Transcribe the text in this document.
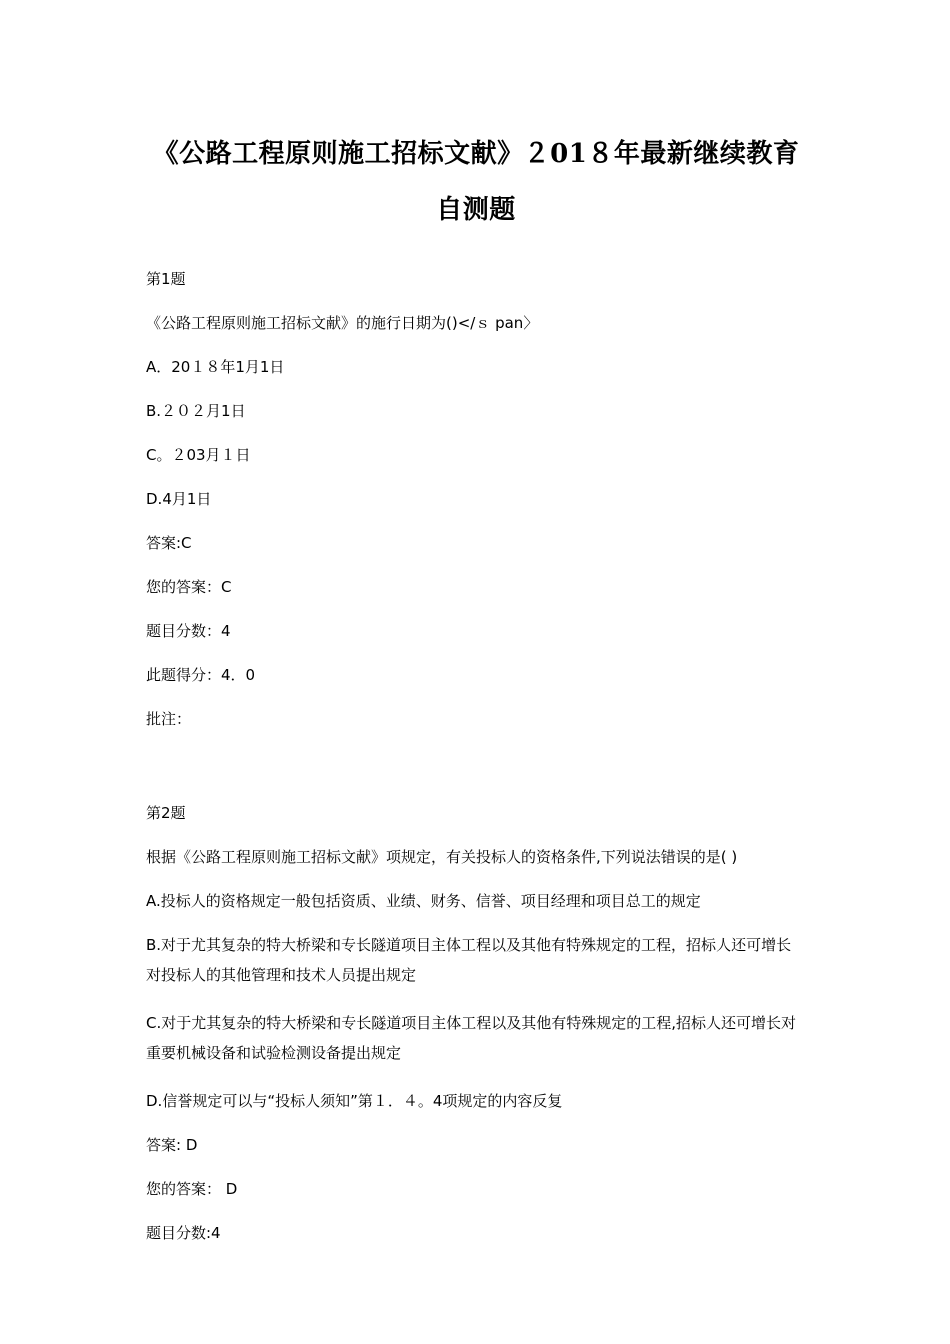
《公路工程原则施工招标文献》２01８年最新继续教育自测题

第1题

《公路工程原则施工招标文献》的施行日期为()</ｓ pan〉

A．20１８年1月1日

B.２０２月1日

C。２03月１日

D.4月1日

答案:C

您的答案：C

题目分数：4

此题得分：4．0

批注：

第2题

根据《公路工程原则施工招标文献》项规定，有关投标人的资格条件,下列说法错误的是( )

A.投标人的资格规定一般包括资质、业绩、财务、信誉、项目经理和项目总工的规定

B.对于尤其复杂的特大桥梁和专长隧道项目主体工程以及其他有特殊规定的工程，招标人还可增长对投标人的其他管理和技术人员提出规定

C.对于尤其复杂的特大桥梁和专长隧道项目主体工程以及其他有特殊规定的工程,招标人还可增长对重要机械设备和试验检测设备提出规定

D.信誉规定可以与“投标人须知”第１．４。4项规定的内容反复

答案: D

您的答案： D

题目分数:4
